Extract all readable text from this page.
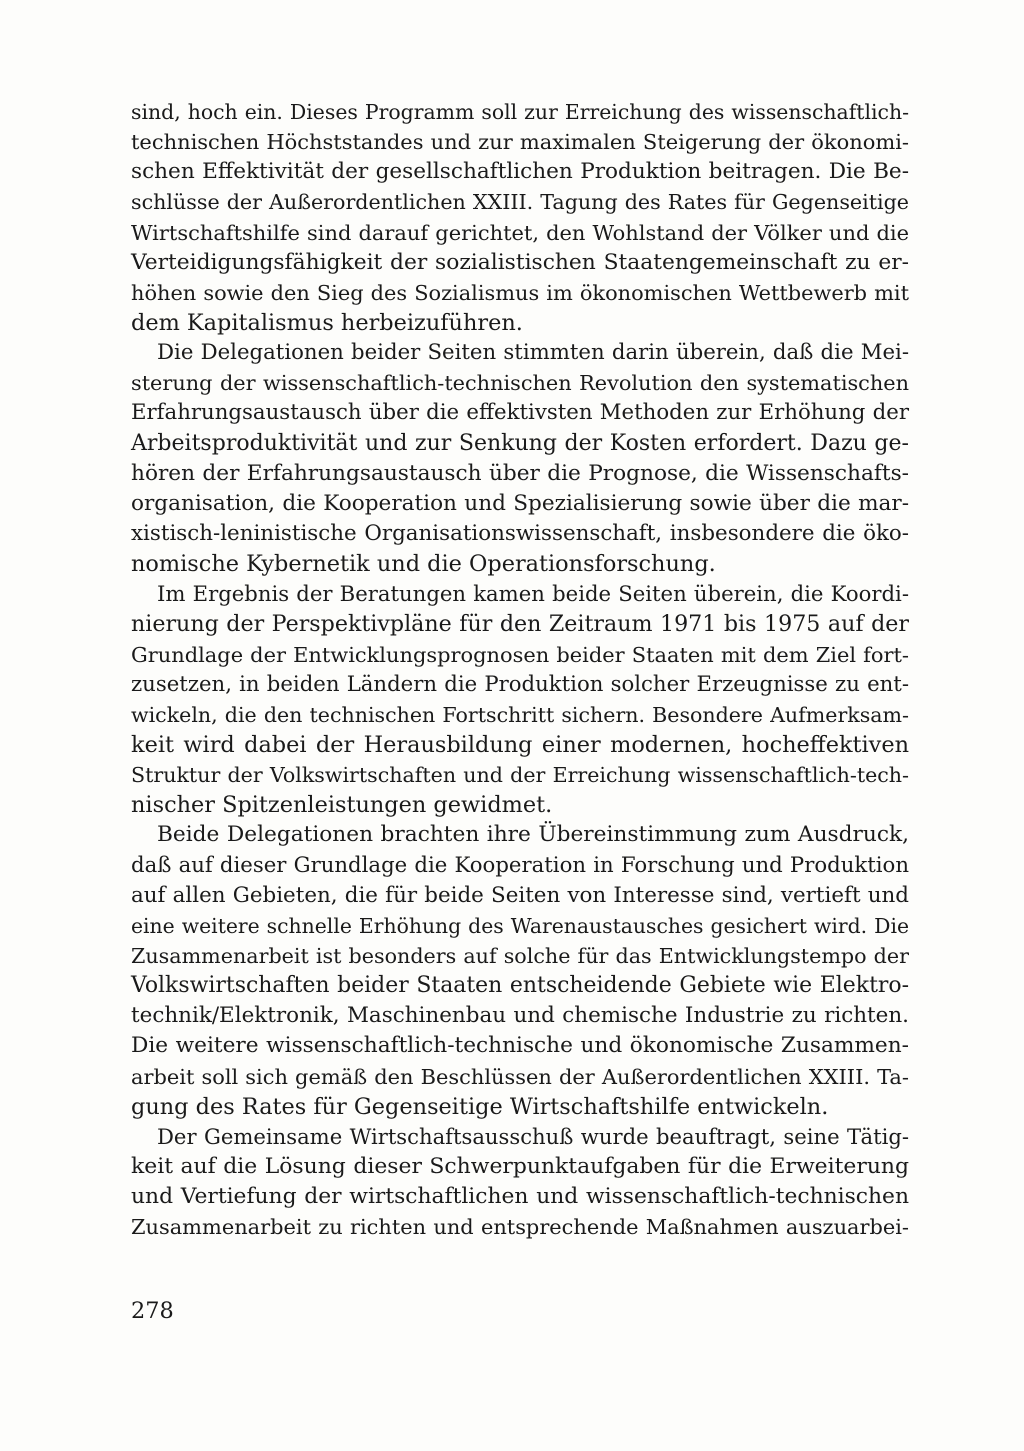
sind, hoch ein. Dieses Programm soll zur Erreichung des wissenschaftlich-
technischen Höchststandes und zur maximalen Steigerung der ökonomi-
schen Effektivität der gesellschaftlichen Produktion beitragen. Die Be-
schlüsse der Außerordentlichen XXIII. Tagung des Rates für Gegenseitige
Wirtschaftshilfe sind darauf gerichtet, den Wohlstand der Völker und die
Verteidigungsfähigkeit der sozialistischen Staatengemeinschaft zu er-
höhen sowie den Sieg des Sozialismus im ökonomischen Wettbewerb mit
dem Kapitalismus herbeizuführen.
Die Delegationen beider Seiten stimmten darin überein, daß die Mei-
sterung der wissenschaftlich-technischen Revolution den systematischen
Erfahrungsaustausch über die effektivsten Methoden zur Erhöhung der
Arbeitsproduktivität und zur Senkung der Kosten erfordert. Dazu ge-
hören der Erfahrungsaustausch über die Prognose, die Wissenschafts-
organisation, die Kooperation und Spezialisierung sowie über die mar-
xistisch-leninistische Organisationswissenschaft, insbesondere die öko-
nomische Kybernetik und die Operationsforschung.
Im Ergebnis der Beratungen kamen beide Seiten überein, die Koordi-
nierung der Perspektivpläne für den Zeitraum 1971 bis 1975 auf der
Grundlage der Entwicklungsprognosen beider Staaten mit dem Ziel fort-
zusetzen, in beiden Ländern die Produktion solcher Erzeugnisse zu ent-
wickeln, die den technischen Fortschritt sichern. Besondere Aufmerksam-
keit wird dabei der Herausbildung einer modernen, hocheffektiven
Struktur der Volkswirtschaften und der Erreichung wissenschaftlich-tech-
nischer Spitzenleistungen gewidmet.
Beide Delegationen brachten ihre Übereinstimmung zum Ausdruck,
daß auf dieser Grundlage die Kooperation in Forschung und Produktion
auf allen Gebieten, die für beide Seiten von Interesse sind, vertieft und
eine weitere schnelle Erhöhung des Warenaustausches gesichert wird. Die
Zusammenarbeit ist besonders auf solche für das Entwicklungstempo der
Volkswirtschaften beider Staaten entscheidende Gebiete wie Elektro-
technik/Elektronik, Maschinenbau und chemische Industrie zu richten.
Die weitere wissenschaftlich-technische und ökonomische Zusammen-
arbeit soll sich gemäß den Beschlüssen der Außerordentlichen XXIII. Ta-
gung des Rates für Gegenseitige Wirtschaftshilfe entwickeln.
Der Gemeinsame Wirtschaftsausschuß wurde beauftragt, seine Tätig-
keit auf die Lösung dieser Schwerpunktaufgaben für die Erweiterung
und Vertiefung der wirtschaftlichen und wissenschaftlich-technischen
Zusammenarbeit zu richten und entsprechende Maßnahmen auszuarbei-
278
